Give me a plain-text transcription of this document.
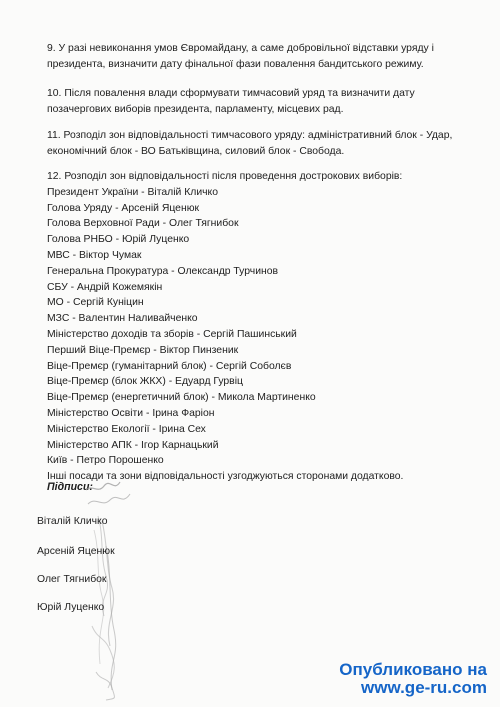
9. У разі невиконання умов Євромайдану, а саме добровільної відставки уряду і президента, визначити дату фінальної фази повалення бандитського режиму.

10. Після повалення влади сформувати тимчасовий уряд та визначити дату позачергових виборів президента, парламенту, місцевих рад.

11. Розподіл зон відповідальності тимчасового уряду: адміністративний блок - Удар, економічний блок - ВО Батьківщина, силовий блок - Свобода.

12. Розподіл зон відповідальності після проведення дострокових виборів:
Президент України - Віталій Кличко
Голова Уряду - Арсеній Яценюк
Голова Верховної Ради - Олег Тягнибок
Голова РНБО - Юрій Луценко
МВС - Віктор Чумак
Генеральна Прокуратура - Олександр Турчинов
СБУ - Андрій Кожемякін
МО - Сергій Куніцин
МЗС - Валентин Наливайченко
Міністерство доходів та зборів - Сергій Пашинський
Перший Віце-Премєр - Віктор Пинзеник
Віце-Премєр (гуманітарний блок) - Сергій Соболєв
Віце-Премєр (блок ЖКХ) - Едуард Гурвіц
Віце-Премєр (енергетичний блок) - Микола Мартиненко
Міністерство Освіти - Ірина Фаріон
Міністерство Екології - Ірина Сех
Міністерство АПК - Ігор Карнацький
Київ - Петро Порошенко
Інші посади та зони відповідальності узгоджуються сторонами додатково.
Підписи:
Віталій Кличко
Арсеній Яценюк
Олег Тягнибок
Юрій Луценко
Опубликовано на
www.ge-ru.com
